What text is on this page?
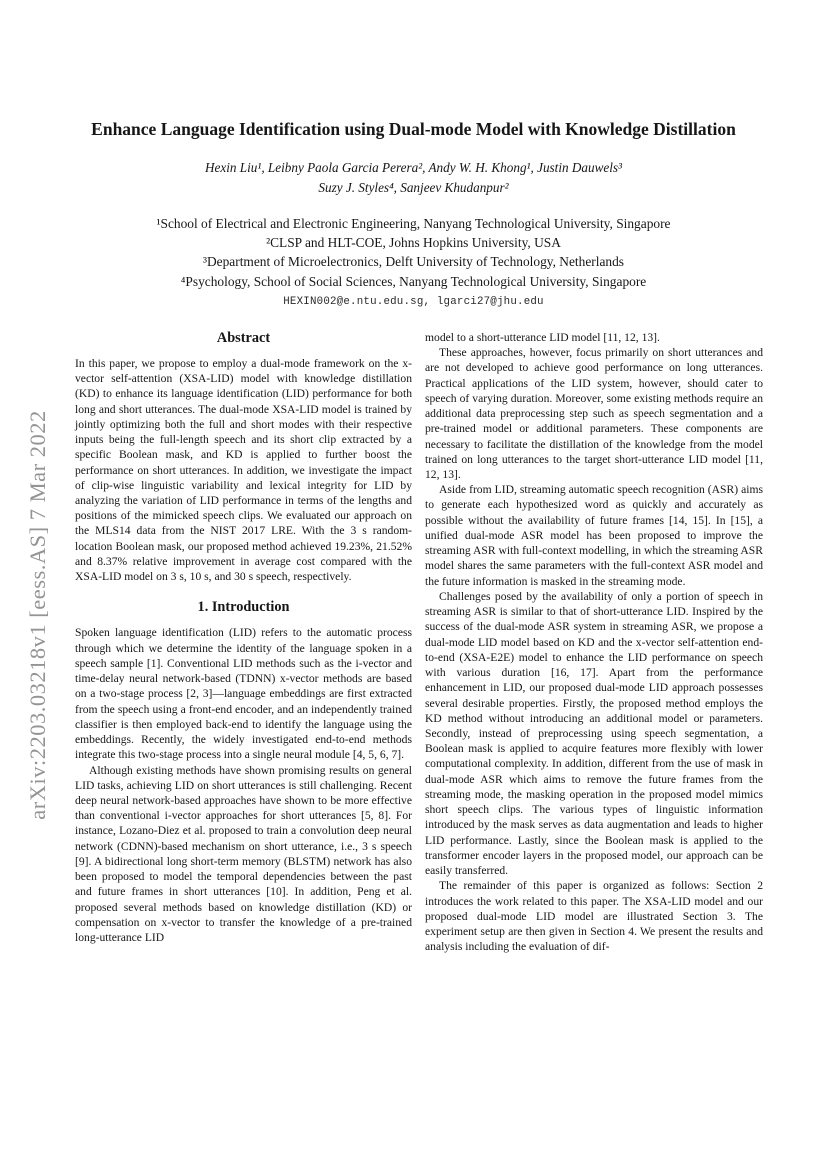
arXiv:2203.03218v1 [eess.AS] 7 Mar 2022
Enhance Language Identification using Dual-mode Model with Knowledge Distillation
Hexin Liu¹, Leibny Paola Garcia Perera², Andy W. H. Khong¹, Justin Dauwels³
Suzy J. Styles⁴, Sanjeev Khudanpur²
¹School of Electrical and Electronic Engineering, Nanyang Technological University, Singapore
²CLSP and HLT-COE, Johns Hopkins University, USA
³Department of Microelectronics, Delft University of Technology, Netherlands
⁴Psychology, School of Social Sciences, Nanyang Technological University, Singapore
HEXIN002@e.ntu.edu.sg, lgarci27@jhu.edu
Abstract

In this paper, we propose to employ a dual-mode framework on the x-vector self-attention (XSA-LID) model with knowledge distillation (KD) to enhance its language identification (LID) performance for both long and short utterances. The dual-mode XSA-LID model is trained by jointly optimizing both the full and short modes with their respective inputs being the full-length speech and its short clip extracted by a specific Boolean mask, and KD is applied to further boost the performance on short utterances. In addition, we investigate the impact of clip-wise linguistic variability and lexical integrity for LID by analyzing the variation of LID performance in terms of the lengths and positions of the mimicked speech clips. We evaluated our approach on the MLS14 data from the NIST 2017 LRE. With the 3 s random-location Boolean mask, our proposed method achieved 19.23%, 21.52% and 8.37% relative improvement in average cost compared with the XSA-LID model on 3 s, 10 s, and 30 s speech, respectively.

1. Introduction

Spoken language identification (LID) refers to the automatic process through which we determine the identity of the language spoken in a speech sample [1]. Conventional LID methods such as the i-vector and time-delay neural network-based (TDNN) x-vector methods are based on a two-stage process [2, 3]—language embeddings are first extracted from the speech using a front-end encoder, and an independently trained classifier is then employed back-end to identify the language using the embeddings. Recently, the widely investigated end-to-end methods integrate this two-stage process into a single neural module [4, 5, 6, 7].

Although existing methods have shown promising results on general LID tasks, achieving LID on short utterances is still challenging. Recent deep neural network-based approaches have shown to be more effective than conventional i-vector approaches for short utterances [5, 8]. For instance, Lozano-Diez et al. proposed to train a convolution deep neural network (CDNN)-based mechanism on short utterance, i.e., 3 s speech [9]. A bidirectional long short-term memory (BLSTM) network has also been proposed to model the temporal dependencies between the past and future frames in short utterances [10]. In addition, Peng et al. proposed several methods based on knowledge distillation (KD) or compensation on x-vector to transfer the knowledge of a pre-trained long-utterance LID

model to a short-utterance LID model [11, 12, 13].

These approaches, however, focus primarily on short utterances and are not developed to achieve good performance on long utterances. Practical applications of the LID system, however, should cater to speech of varying duration. Moreover, some existing methods require an additional data preprocessing step such as speech segmentation and a pre-trained model or additional parameters. These components are necessary to facilitate the distillation of the knowledge from the model trained on long utterances to the target short-utterance LID model [11, 12, 13].

Aside from LID, streaming automatic speech recognition (ASR) aims to generate each hypothesized word as quickly and accurately as possible without the availability of future frames [14, 15]. In [15], a unified dual-mode ASR model has been proposed to improve the streaming ASR with full-context modelling, in which the streaming ASR model shares the same parameters with the full-context ASR model and the future information is masked in the streaming mode.

Challenges posed by the availability of only a portion of speech in streaming ASR is similar to that of short-utterance LID. Inspired by the success of the dual-mode ASR system in streaming ASR, we propose a dual-mode LID model based on KD and the x-vector self-attention end-to-end (XSA-E2E) model to enhance the LID performance on speech with various duration [16, 17]. Apart from the performance enhancement in LID, our proposed dual-mode LID approach possesses several desirable properties. Firstly, the proposed method employs the KD method without introducing an additional model or parameters. Secondly, instead of preprocessing using speech segmentation, a Boolean mask is applied to acquire features more flexibly with lower computational complexity. In addition, different from the use of mask in dual-mode ASR which aims to remove the future frames from the streaming mode, the masking operation in the proposed model mimics short speech clips. The various types of linguistic information introduced by the mask serves as data augmentation and leads to higher LID performance. Lastly, since the Boolean mask is applied to the transformer encoder layers in the proposed model, our approach can be easily transferred.

The remainder of this paper is organized as follows: Section 2 introduces the work related to this paper. The XSA-LID model and our proposed dual-mode LID model are illustrated Section 3. The experiment setup are then given in Section 4. We present the results and analysis including the evaluation of dif-
